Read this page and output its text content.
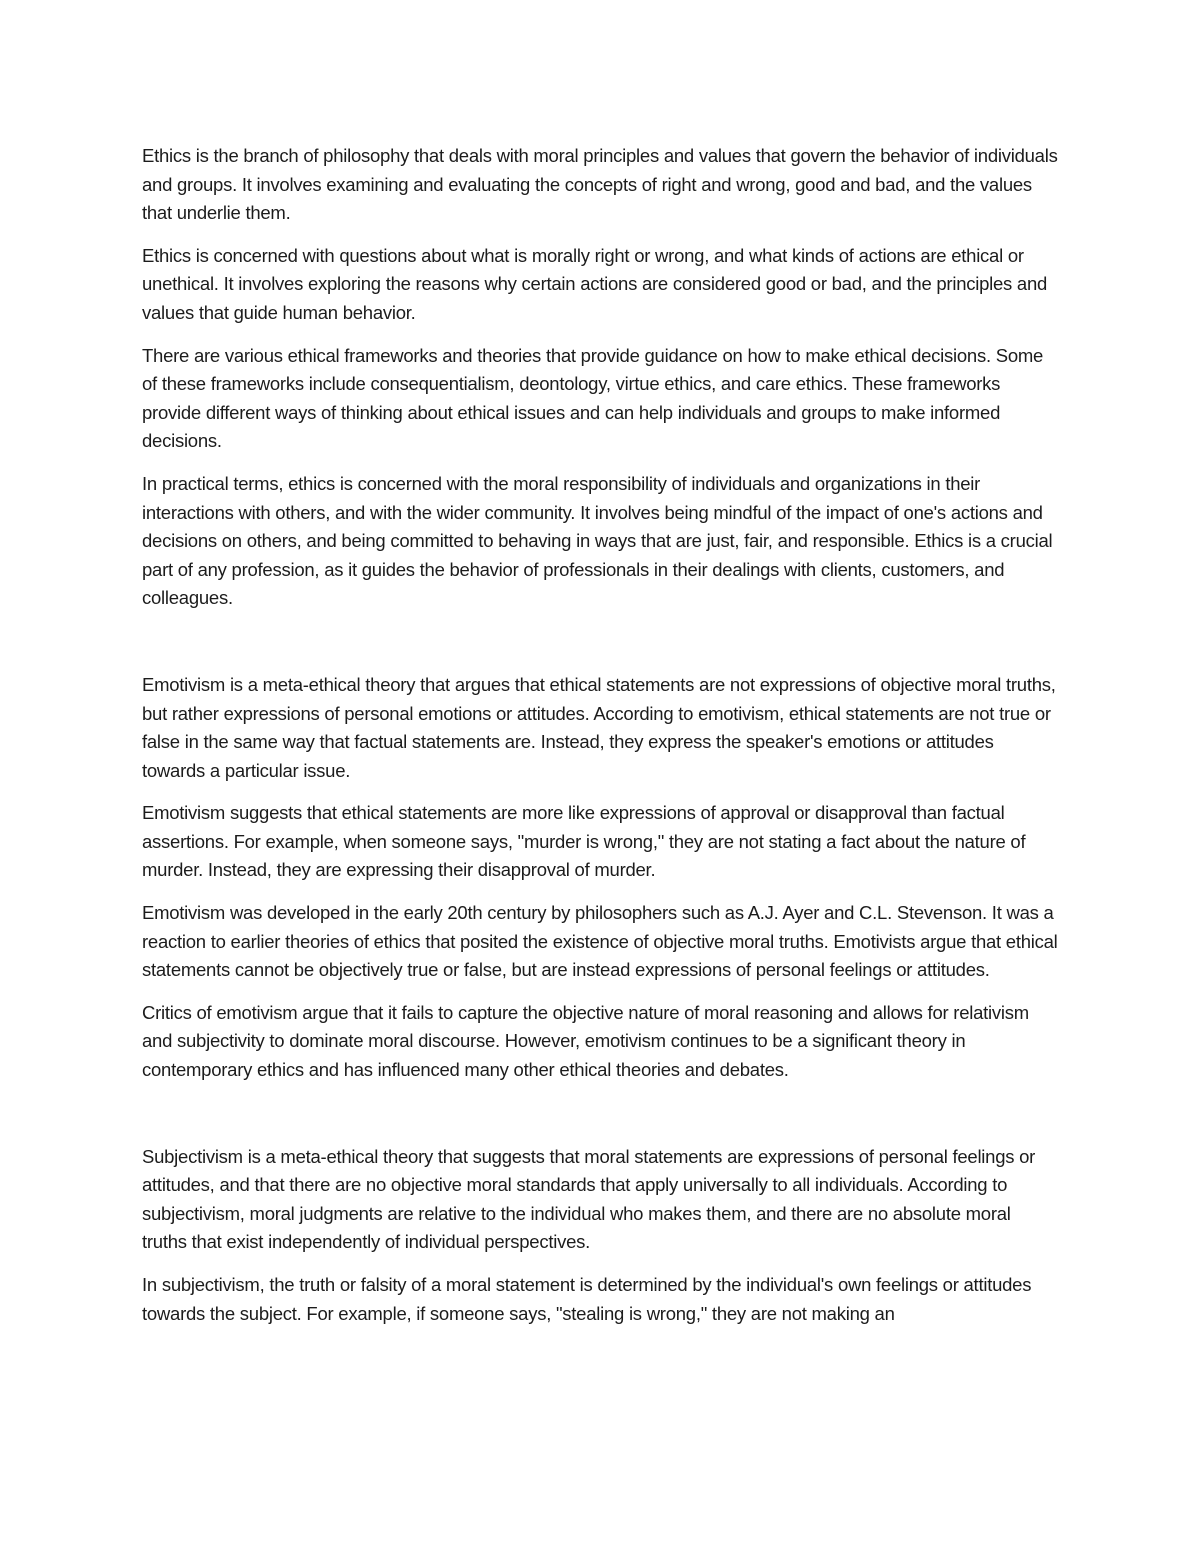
Ethics is the branch of philosophy that deals with moral principles and values that govern the behavior of individuals and groups. It involves examining and evaluating the concepts of right and wrong, good and bad, and the values that underlie them.

Ethics is concerned with questions about what is morally right or wrong, and what kinds of actions are ethical or unethical. It involves exploring the reasons why certain actions are considered good or bad, and the principles and values that guide human behavior.

There are various ethical frameworks and theories that provide guidance on how to make ethical decisions. Some of these frameworks include consequentialism, deontology, virtue ethics, and care ethics. These frameworks provide different ways of thinking about ethical issues and can help individuals and groups to make informed decisions.

In practical terms, ethics is concerned with the moral responsibility of individuals and organizations in their interactions with others, and with the wider community. It involves being mindful of the impact of one's actions and decisions on others, and being committed to behaving in ways that are just, fair, and responsible. Ethics is a crucial part of any profession, as it guides the behavior of professionals in their dealings with clients, customers, and colleagues.

Emotivism is a meta-ethical theory that argues that ethical statements are not expressions of objective moral truths, but rather expressions of personal emotions or attitudes. According to emotivism, ethical statements are not true or false in the same way that factual statements are. Instead, they express the speaker's emotions or attitudes towards a particular issue.

Emotivism suggests that ethical statements are more like expressions of approval or disapproval than factual assertions. For example, when someone says, "murder is wrong," they are not stating a fact about the nature of murder. Instead, they are expressing their disapproval of murder.

Emotivism was developed in the early 20th century by philosophers such as A.J. Ayer and C.L. Stevenson. It was a reaction to earlier theories of ethics that posited the existence of objective moral truths. Emotivists argue that ethical statements cannot be objectively true or false, but are instead expressions of personal feelings or attitudes.

Critics of emotivism argue that it fails to capture the objective nature of moral reasoning and allows for relativism and subjectivity to dominate moral discourse. However, emotivism continues to be a significant theory in contemporary ethics and has influenced many other ethical theories and debates.

Subjectivism is a meta-ethical theory that suggests that moral statements are expressions of personal feelings or attitudes, and that there are no objective moral standards that apply universally to all individuals. According to subjectivism, moral judgments are relative to the individual who makes them, and there are no absolute moral truths that exist independently of individual perspectives.

In subjectivism, the truth or falsity of a moral statement is determined by the individual's own feelings or attitudes towards the subject. For example, if someone says, "stealing is wrong," they are not making an
